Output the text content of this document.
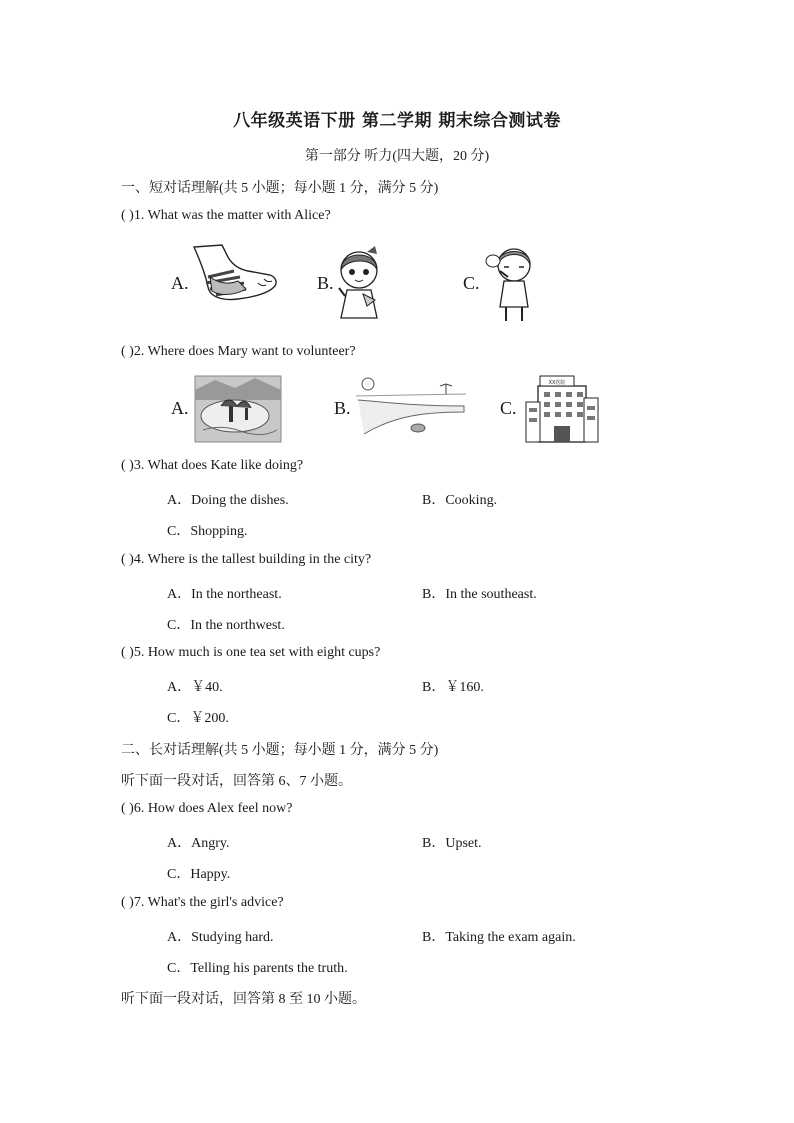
八年级英语下册 第二学期 期末综合测试卷
第一部分 听力(四大题，20 分)
一、短对话理解(共 5 小题；每小题 1 分，满分 5 分)
( )1. What was the matter with Alice?
A.	B.	C.
( )2. Where does Mary want to volunteer?
A.	B.	C.
XX医院
( )3. What does Kate like doing?
A．Doing the dishes.	B．Cooking.
C．Shopping.
( )4. Where is the tallest building in the city?
A．In the northeast.	B．In the southeast.
C．In the northwest.
( )5. How much is one tea set with eight cups?
A．￥40.	B．￥160.
C．￥200.
二、长对话理解(共 5 小题；每小题 1 分，满分 5 分)
听下面一段对话，回答第 6、7 小题。
( )6. How does Alex feel now?
A．Angry.	B．Upset.
C．Happy.
( )7. What's the girl's advice?
A．Studying hard.	B．Taking the exam again.
C．Telling his parents the truth.
听下面一段对话，回答第 8 至 10 小题。
